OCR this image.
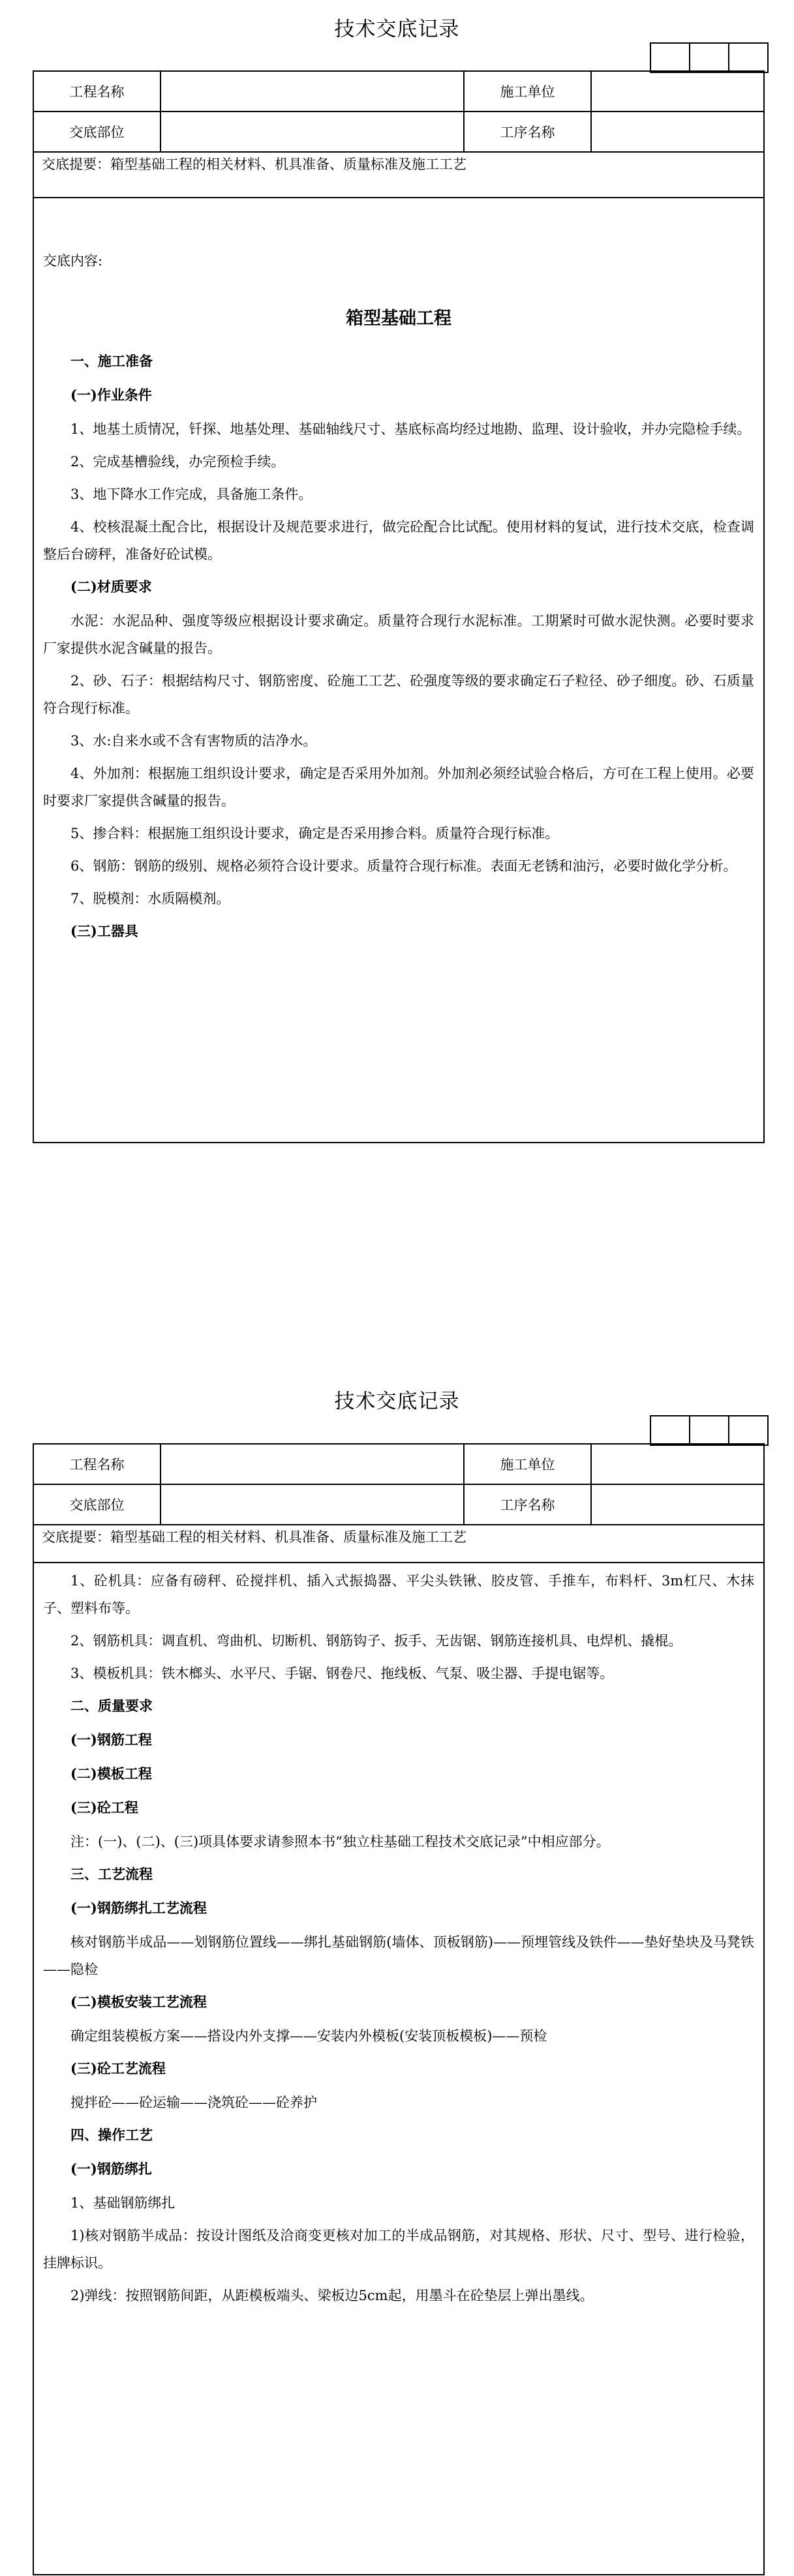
技术交底记录
工程名称	施工单位
交底部位	工序名称
交底提要：箱型基础工程的相关材料、机具准备、质量标准及施工工艺
交底内容:
箱型基础工程
一、施工准备
(一)作业条件

1、地基土质情况，钎探、地基处理、基础轴线尺寸、基底标高均经过地勘、监理、设计验收，并办完隐检手续。

2、完成基槽验线，办完预检手续。

3、地下降水工作完成，具备施工条件。

4、校核混凝土配合比，根据设计及规范要求进行，做完砼配合比试配。使用材料的复试，进行技术交底，检查调整后台磅秤，准备好砼试模。

(二)材质要求

水泥：水泥品种、强度等级应根据设计要求确定。质量符合现行水泥标准。工期紧时可做水泥快测。必要时要求厂家提供水泥含碱量的报告。

2、砂、石子：根据结构尺寸、钢筋密度、砼施工工艺、砼强度等级的要求确定石子粒径、砂子细度。砂、石质量符合现行标准。

3、水:自来水或不含有害物质的洁净水。

4、外加剂：根据施工组织设计要求，确定是否采用外加剂。外加剂必须经试验合格后，方可在工程上使用。必要时要求厂家提供含碱量的报告。

5、掺合料：根据施工组织设计要求，确定是否采用掺合料。质量符合现行标准。

6、钢筋：钢筋的级别、规格必须符合设计要求。质量符合现行标准。表面无老锈和油污，必要时做化学分析。

7、脱模剂：水质隔模剂。

(三)工器具
技术交底记录
工程名称	施工单位
交底部位	工序名称
交底提要：箱型基础工程的相关材料、机具准备、质量标准及施工工艺

1、砼机具：应备有磅秤、砼搅拌机、插入式振捣器、平尖头铁锹、胶皮管、手推车，布料杆、3m杠尺、木抹子、塑料布等。

2、钢筋机具：调直机、弯曲机、切断机、钢筋钩子、扳手、无齿锯、钢筋连接机具、电焊机、撬棍。

3、模板机具：铁木榔头、水平尺、手锯、钢卷尺、拖线板、气泵、吸尘器、手提电锯等。

二、质量要求
(一)钢筋工程
(二)模板工程
(三)砼工程

注：(一)、(二)、(三)项具体要求请参照本书“独立柱基础工程技术交底记录”中相应部分。

三、工艺流程
(一)钢筋绑扎工艺流程

核对钢筋半成品——划钢筋位置线——绑扎基础钢筋(墙体、顶板钢筋)——预埋管线及铁件——垫好垫块及马凳铁——隐检

(二)模板安装工艺流程

确定组装模板方案——搭设内外支撑——安装内外模板(安装顶板模板)——预检

(三)砼工艺流程

搅拌砼——砼运输——浇筑砼——砼养护

四、操作工艺
(一)钢筋绑扎

1、基础钢筋绑扎

1)核对钢筋半成品：按设计图纸及洽商变更核对加工的半成品钢筋，对其规格、形状、尺寸、型号、进行检验，挂牌标识。

2)弹线：按照钢筋间距，从距模板端头、梁板边5cm起，用墨斗在砼垫层上弹出墨线。
